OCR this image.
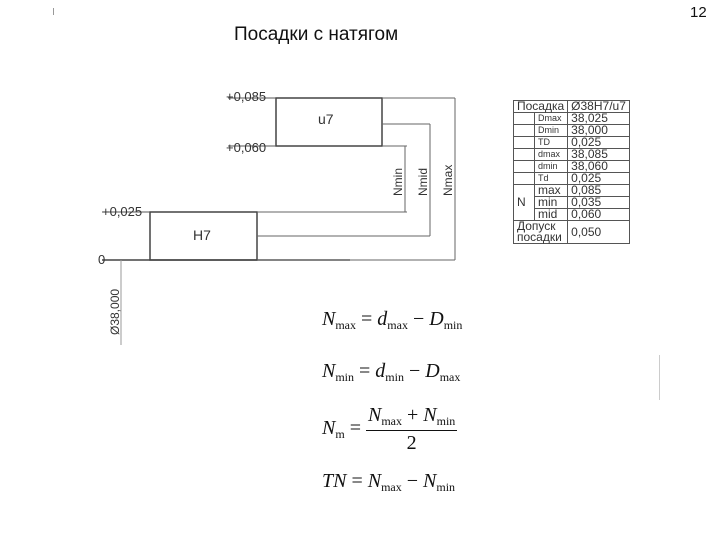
Посадки с натягом
12
+0,085
+0,060
+0,025
0
u7
H7
Nmin Nmid Nmax
Ø38,000
Посадка		Ø38H7/u7
	Dmax	38,025
	Dmin	38,000
	TD	0,025
	dmax	38,085
	dmin	38,060
	Td	0,025
N	max	0,085
	min	0,035
	mid	0,060
Допуск
посадки		0,050
$N_{max} = d_{max} - D_{min}$
$N_{min} = d_{min} - D_{max}$
$N_m = \frac{N_{max} + N_{min}}{2}$
TN = $N_{max} - N_{min}$
